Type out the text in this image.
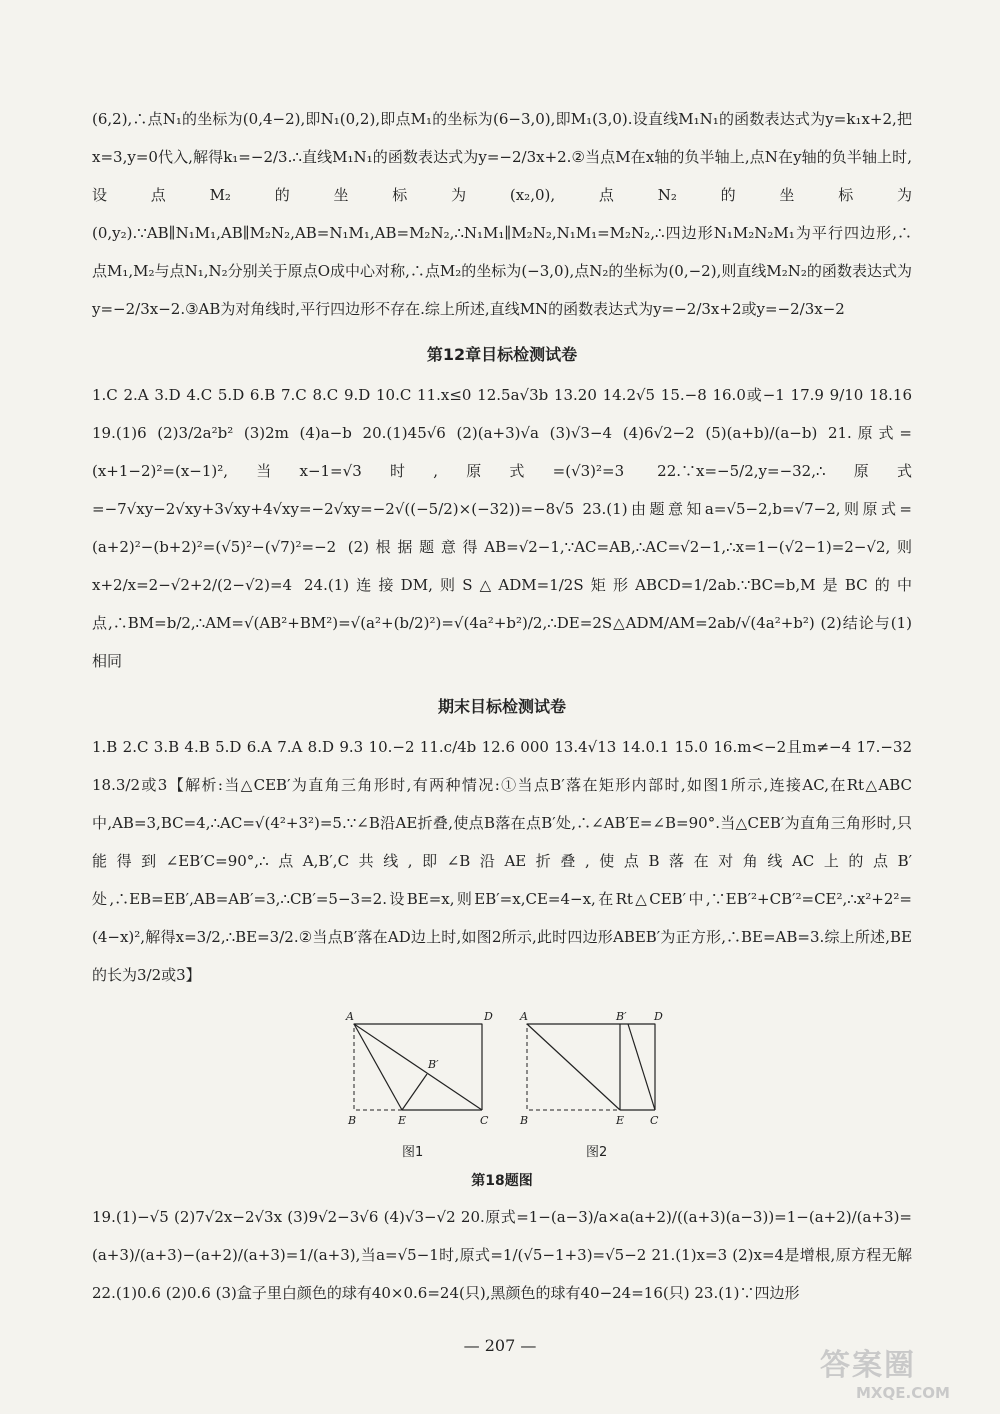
(6,2),∴点N₁的坐标为(0,4−2),即N₁(0,2),即点M₁的坐标为(6−3,0),即M₁(3,0).设直线M₁N₁的函数表达式为y=k₁x+2,把x=3,y=0代入,解得k₁=−2/3.∴直线M₁N₁的函数表达式为y=−2/3x+2.②当点M在x轴的负半轴上,点N在y轴的负半轴上时,设点M₂的坐标为(x₂,0),点N₂的坐标为(0,y₂).∵AB∥N₁M₁,AB∥M₂N₂,AB=N₁M₁,AB=M₂N₂,∴N₁M₁∥M₂N₂,N₁M₁=M₂N₂,∴四边形N₁M₂N₂M₁为平行四边形,∴点M₁,M₂与点N₁,N₂分别关于原点O成中心对称,∴点M₂的坐标为(−3,0),点N₂的坐标为(0,−2),则直线M₂N₂的函数表达式为y=−2/3x−2.③AB为对角线时,平行四边形不存在.综上所述,直线MN的函数表达式为y=−2/3x+2或y=−2/3x−2

第12章目标检测试卷

1.C 2.A 3.D 4.C 5.D 6.B 7.C 8.C 9.D 10.C 11.x≤0 12.5a√3b 13.20 14.2√5 15.−8 16.0或−1 17.9 9/10 18.16 19.(1)6 (2)3/2a²b² (3)2m (4)a−b 20.(1)45√6 (2)(a+3)√a (3)√3−4 (4)6√2−2 (5)(a+b)/(a−b) 21.原式=(x+1−2)²=(x−1)²,当x−1=√3时,原式=(√3)²=3 22.∵x=−5/2,y=−32,∴原式=−7√xy−2√xy+3√xy+4√xy=−2√xy=−2√((−5/2)×(−32))=−8√5 23.(1)由题意知a=√5−2,b=√7−2,则原式=(a+2)²−(b+2)²=(√5)²−(√7)²=−2 (2)根据题意得AB=√2−1,∵AC=AB,∴AC=√2−1,∴x=1−(√2−1)=2−√2,则x+2/x=2−√2+2/(2−√2)=4 24.(1)连接DM,则S△ADM=1/2S矩形ABCD=1/2ab.∵BC=b,M是BC的中点,∴BM=b/2,∴AM=√(AB²+BM²)=√(a²+(b/2)²)=√(4a²+b²)/2,∴DE=2S△ADM/AM=2ab/√(4a²+b²) (2)结论与(1)相同

期末目标检测试卷

1.B 2.C 3.B 4.B 5.D 6.A 7.A 8.D 9.3 10.−2 11.c/4b 12.6 000 13.4√13 14.0.1 15.0 16.m<−2且m≠−4 17.−32 18.3/2或3【解析:当△CEB′为直角三角形时,有两种情况:①当点B′落在矩形内部时,如图1所示,连接AC,在Rt△ABC中,AB=3,BC=4,∴AC=√(4²+3²)=5.∵∠B沿AE折叠,使点B落在点B′处,∴∠AB′E=∠B=90°.当△CEB′为直角三角形时,只能得到∠EB′C=90°,∴点A,B′,C共线,即∠B沿AE折叠,使点B落在对角线AC上的点B′处,∴EB=EB′,AB=AB′=3,∴CB′=5−3=2.设BE=x,则EB′=x,CE=4−x,在Rt△CEB′中,∵EB′²+CB′²=CE²,∴x²+2²=(4−x)²,解得x=3/2,∴BE=3/2.②当点B′落在AD边上时,如图2所示,此时四边形ABEB′为正方形,∴BE=AB=3.综上所述,BE的长为3/2或3】

A	D
B	E	C
B′
A	B′ D
B	E C
图1	图2
第18题图

19.(1)−√5 (2)7√2x−2√3x (3)9√2−3√6 (4)√3−√2 20.原式=1−(a−3)/a×a(a+2)/((a+3)(a−3))=1−(a+2)/(a+3)=(a+3)/(a+3)−(a+2)/(a+3)=1/(a+3),当a=√5−1时,原式=1/(√5−1+3)=√5−2 21.(1)x=3 (2)x=4是增根,原方程无解 22.(1)0.6 (2)0.6 (3)盒子里白颜色的球有40×0.6=24(只),黑颜色的球有40−24=16(只) 23.(1)∵四边形

— 207 —
答案圈
MXQE.COM
